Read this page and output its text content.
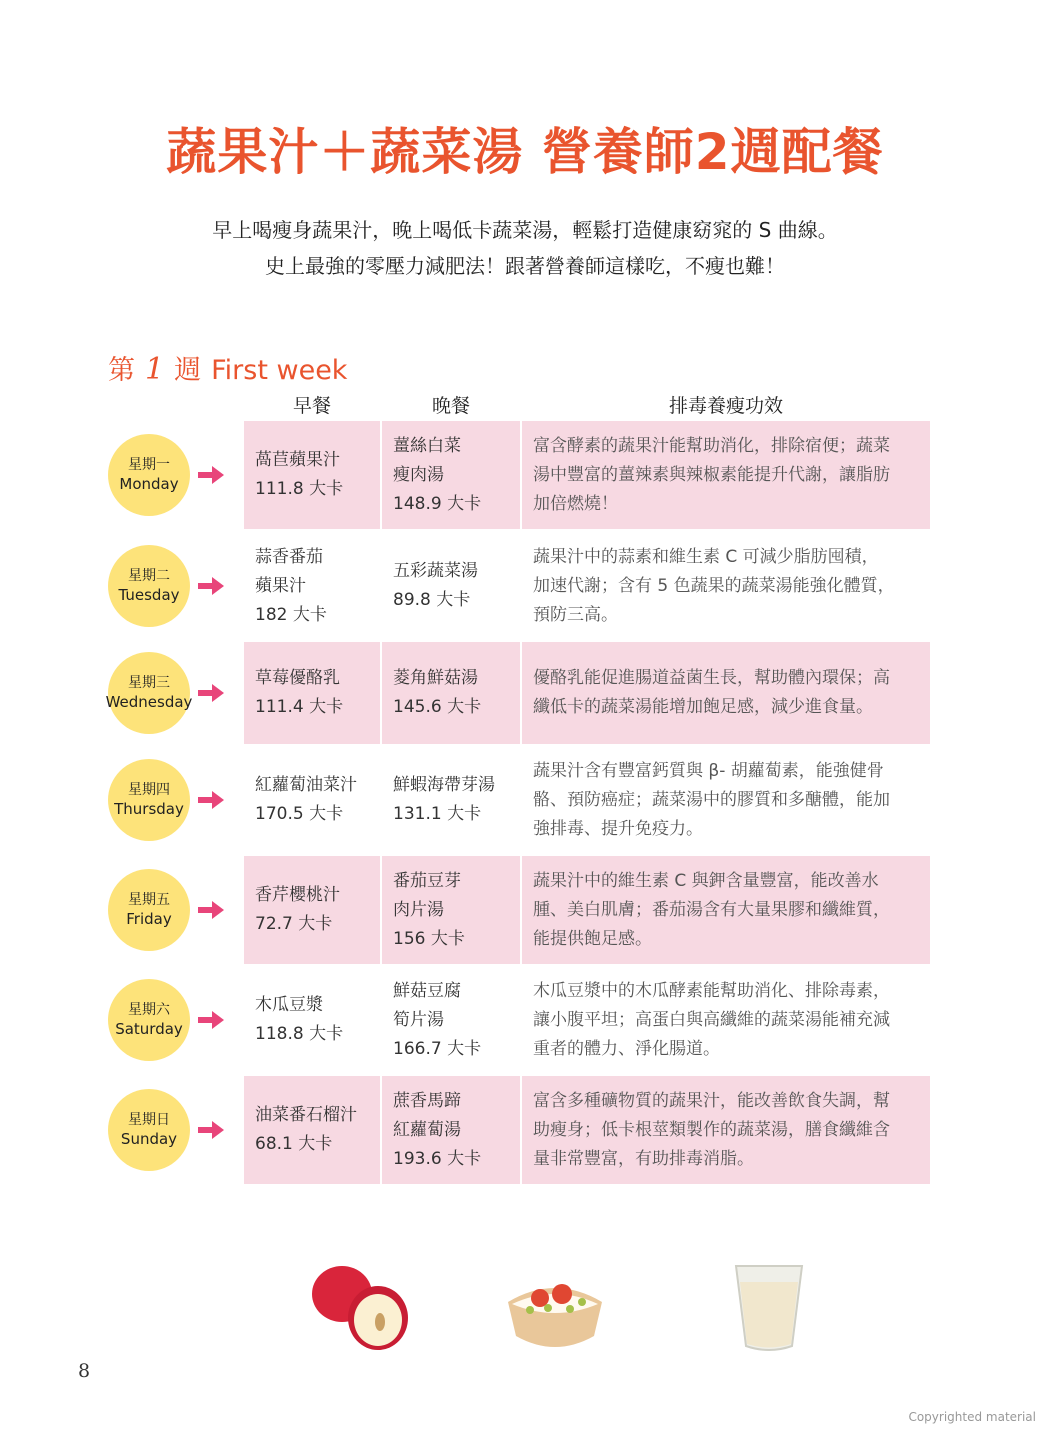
蔬果汁＋蔬菜湯 營養師2週配餐
早上喝瘦身蔬果汁，晚上喝低卡蔬菜湯，輕鬆打造健康窈窕的 S 曲線。
史上最強的零壓力減肥法！跟著營養師這樣吃，不瘦也難！
第 1 週 First week
早餐	晚餐	排毒養瘦功效
星期一
Monday
萵苣蘋果汁
111.8 大卡
薑絲白菜
瘦肉湯
148.9 大卡
富含酵素的蔬果汁能幫助消化，排除宿便；蔬菜
湯中豐富的薑辣素與辣椒素能提升代謝，讓脂肪
加倍燃燒！
星期二
Tuesday
蒜香番茄
蘋果汁
182 大卡
五彩蔬菜湯
89.8 大卡
蔬果汁中的蒜素和維生素 C 可減少脂肪囤積，
加速代謝；含有 5 色蔬果的蔬菜湯能強化體質，
預防三高。
星期三
Wednesday
草莓優酪乳
111.4 大卡
菱角鮮菇湯
145.6 大卡
優酪乳能促進腸道益菌生長，幫助體內環保；高
纖低卡的蔬菜湯能增加飽足感，減少進食量。
星期四
Thursday
紅蘿蔔油菜汁
170.5 大卡
鮮蝦海帶芽湯
131.1 大卡
蔬果汁含有豐富鈣質與 β- 胡蘿蔔素，能強健骨
骼、預防癌症；蔬菜湯中的膠質和多醣體，能加
強排毒、提升免疫力。
星期五
Friday
香芹櫻桃汁
72.7 大卡
番茄豆芽
肉片湯
156 大卡
蔬果汁中的維生素 C 與鉀含量豐富，能改善水
腫、美白肌膚；番茄湯含有大量果膠和纖維質，
能提供飽足感。
星期六
Saturday
木瓜豆漿
118.8 大卡
鮮菇豆腐
筍片湯
166.7 大卡
木瓜豆漿中的木瓜酵素能幫助消化、排除毒素，
讓小腹平坦；高蛋白與高纖維的蔬菜湯能補充減
重者的體力、淨化腸道。
星期日
Sunday
油菜番石榴汁
68.1 大卡
蔗香馬蹄
紅蘿蔔湯
193.6 大卡
富含多種礦物質的蔬果汁，能改善飲食失調，幫
助瘦身；低卡根莖類製作的蔬菜湯，膳食纖維含
量非常豐富，有助排毒消脂。
8
Copyrighted material
